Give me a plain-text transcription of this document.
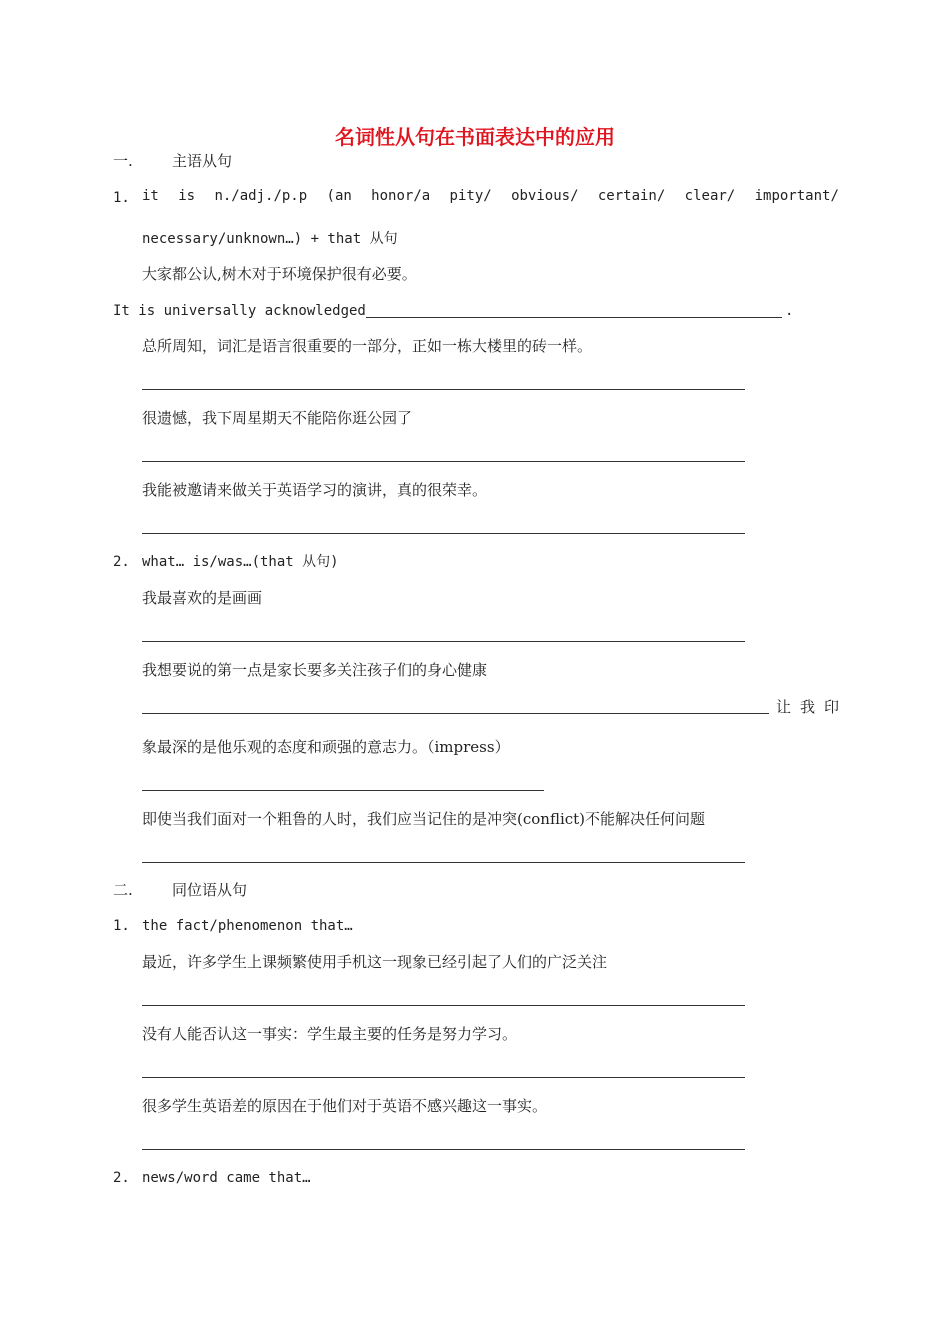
名词性从句在书面表达中的应用
一.	主语从句
1. it is n./adj./p.p (an honor/a pity/ obvious/ certain/ clear/ important/
necessary/unknown…) + that 从句
大家都公认,树木对于环境保护很有必要。
It is universally acknowledged	.
总所周知，词汇是语言很重要的一部分，正如一栋大楼里的砖一样。
很遗憾，我下周星期天不能陪你逛公园了
我能被邀请来做关于英语学习的演讲，真的很荣幸。
2. what… is/was…(that 从句)
我最喜欢的是画画
我想要说的第一点是家长要多关注孩子们的身心健康
让 我 印
象最深的是他乐观的态度和顽强的意志力。（impress）
即使当我们面对一个粗鲁的人时，我们应当记住的是冲突(conflict)不能解决任何问题
二.	同位语从句
1. the fact/phenomenon that…
最近，许多学生上课频繁使用手机这一现象已经引起了人们的广泛关注
没有人能否认这一事实：学生最主要的任务是努力学习。
很多学生英语差的原因在于他们对于英语不感兴趣这一事实。
2. news/word came that…
